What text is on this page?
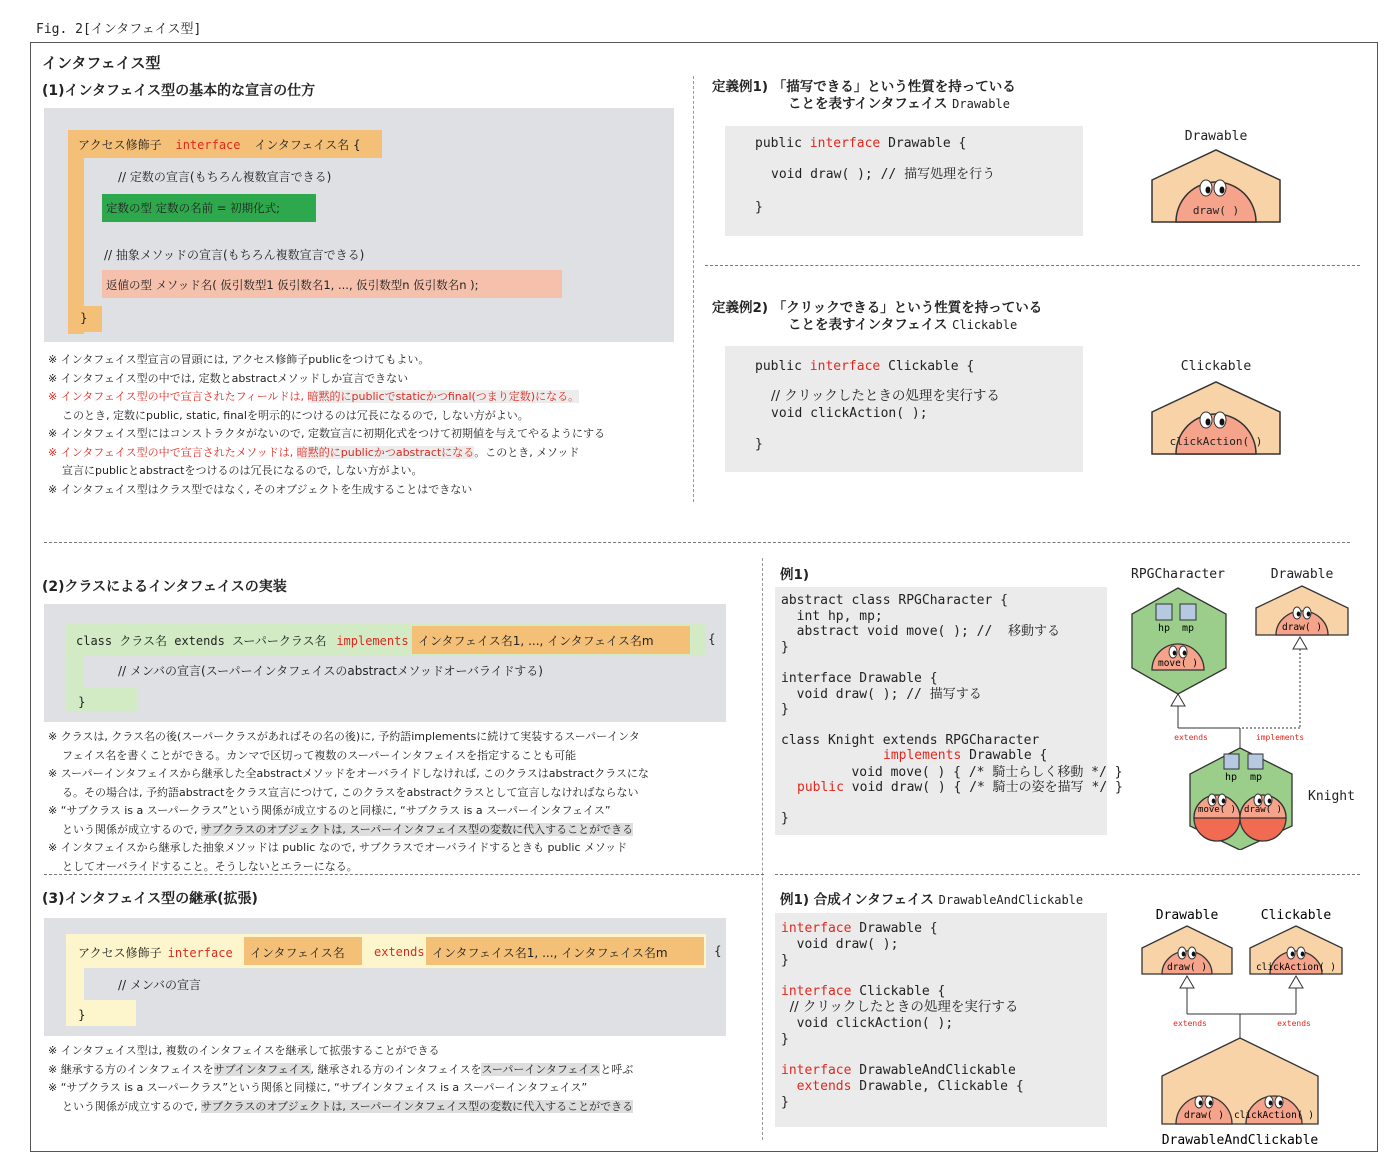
Fig. 2[インタフェイス型]
インタフェイス型
(1)インタフェイス型の基本的な宣言の仕方
アクセス修飾子 interface インタフェイス名 {
// 定数の宣言(もちろん複数宣言できる)
定数の型 定数の名前 = 初期化式;
// 抽象メソッドの宣言(もちろん複数宣言できる)
返値の型 メソッド名( 仮引数型1 仮引数名1, ..., 仮引数型n 仮引数名n );
}
※ インタフェイス型宣言の冒頭には, アクセス修飾子publicをつけてもよい。
※ インタフェイス型の中では, 定数とabstractメソッドしか宣言できない
※ インタフェイス型の中で宣言されたフィールドは, 暗黙的にpublicでstaticかつfinal(つまり定数)になる。
このとき, 定数にpublic, static, finalを明示的につけるのは冗長になるので, しない方がよい。
※ インタフェイス型にはコンストラクタがないので, 定数宣言に初期化式をつけて初期値を与えてやるようにする
※ インタフェイス型の中で宣言されたメソッドは, 暗黙的にpublicかつabstractになる。このとき, メソッド
宣言にpublicとabstractをつけるのは冗長になるので, しない方がよい。
※ インタフェイス型はクラス型ではなく, そのオブジェクトを生成することはできない
定義例1) 「描写できる」という性質を持っている
ことを表すインタフェイス Drawable

public interface Drawable {

void draw( ); // 描写処理を行う

}

Drawable
draw( )
定義例2) 「クリックできる」という性質を持っている
ことを表すインタフェイス Clickable

public interface Clickable {

// クリックしたときの処理を実行する

void clickAction( );

}

Clickable
clickAction( )
(2)クラスによるインタフェイスの実装
class クラス名 extends スーパークラス名 implements インタフェイス名1, ..., インタフェイス名m	{
// メンバの宣言(スーパーインタフェイスのabstractメソッドオーバライドする)
}
※ クラスは, クラス名の後(スーパークラスがあればその名の後)に, 予約語implementsに続けて実装するスーパーインタ
フェイス名を書くことができる。カンマで区切って複数のスーパーインタフェイスを指定することも可能
※ スーパーインタフェイスから継承した全abstractメソッドをオーバライドしなければ, このクラスはabstractクラスにな
る。その場合は, 予約語abstractをクラス宣言につけて, このクラスをabstractクラスとして宣言しなければならない
※ “サブクラス is a スーパークラス”という関係が成立するのと同様に, “サブクラス is a スーパーインタフェイス”
という関係が成立するので, サブクラスのオブジェクトは, スーパーインタフェイス型の変数に代入することができる
※ インタフェイスから継承した抽象メソッドは public なので, サブクラスでオーバライドするときも public メソッド
としてオーバライドすること。そうしないとエラーになる。
例1)

abstract class RPGCharacter {
int hp, mp;
abstract void move( ); //  移動する
}
interface Drawable {
void draw( ); // 描写する
}
class Knight extends RPGCharacter
void move( ) { /* 騎士らしく移動 */ }
}

implements Drawable {

public void draw( ) { /* 騎士の姿を描写 */ }

RPGCharacter	Drawable
hp mp
move( )
draw( )
extends	implements
hp mp
move( ) draw( )
Knight
(3)インタフェイス型の継承(拡張)
アクセス修飾子 interface インタフェイス名 extends インタフェイス名1, ..., インタフェイス名m	{
// メンバの宣言
}
※ インタフェイス型は, 複数のインタフェイスを継承して拡張することができる
※ 継承する方のインタフェイスをサブインタフェイス, 継承される方のインタフェイスをスーパーインタフェイスと呼ぶ
※ “サブクラス is a スーパークラス”という関係と同様に, “サブインタフェイス is a スーパーインタフェイス”
という関係が成立するので, サブクラスのオブジェクトは, スーパーインタフェイス型の変数に代入することができる
例1) 合成インタフェイス DrawableAndClickable

interface Drawable {

void draw( );

}

interface Clickable {

// クリックしたときの処理を実行する

void clickAction( );

}

interface DrawableAndClickable

extends Drawable, Clickable {

}

Drawable	Clickable
draw( )	clickAction( )
extends	extends
draw( ) clickAction( )
DrawableAndClickable
